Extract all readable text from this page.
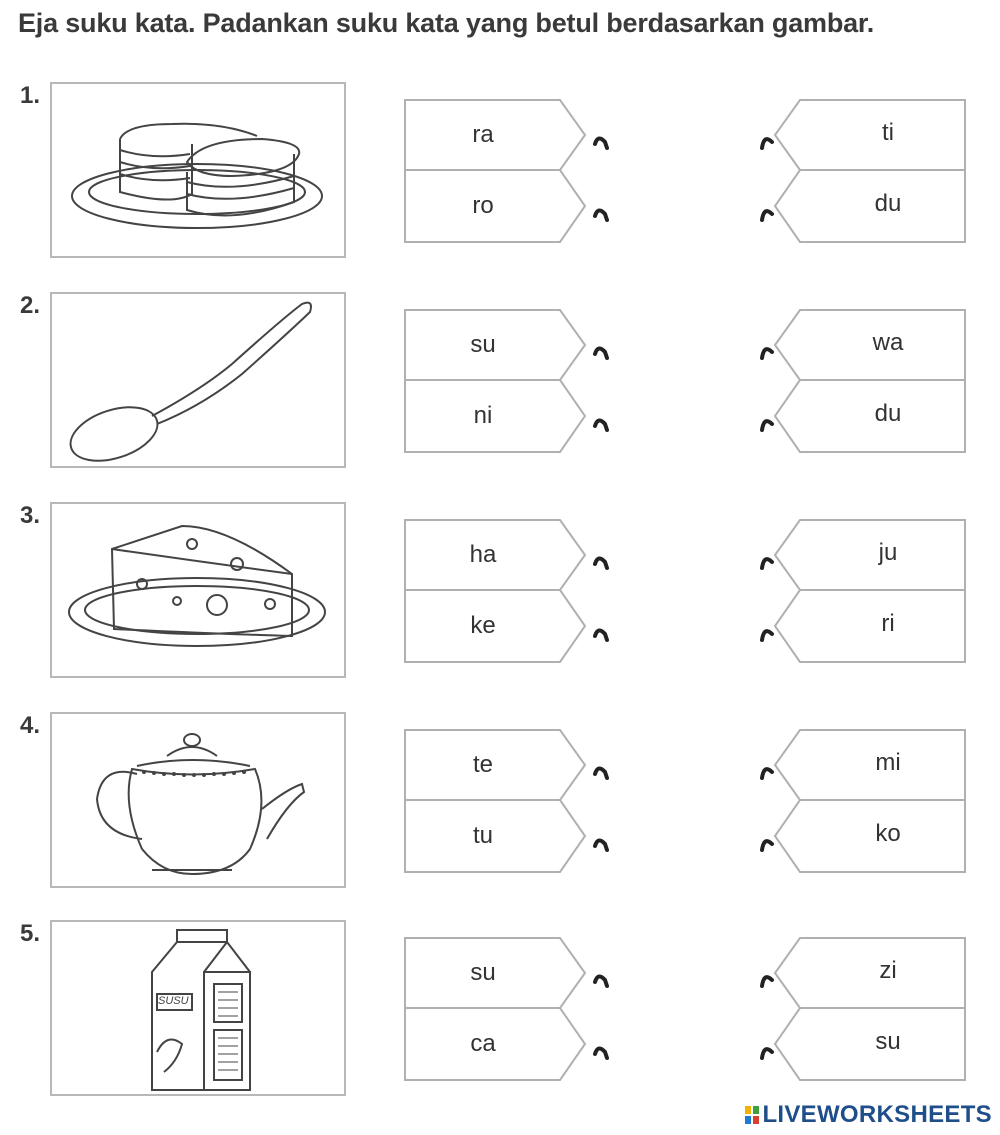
Eja suku kata. Padankan suku kata yang betul berdasarkan gambar.
1.
ra
ro
ti
du
2.
su
ni
wa
du
3.
ha
ke
ju
ri
4.
te
tu
mi
ko
5.
SUSU
su
ca
zi
su
LIVEWORKSHEETS
